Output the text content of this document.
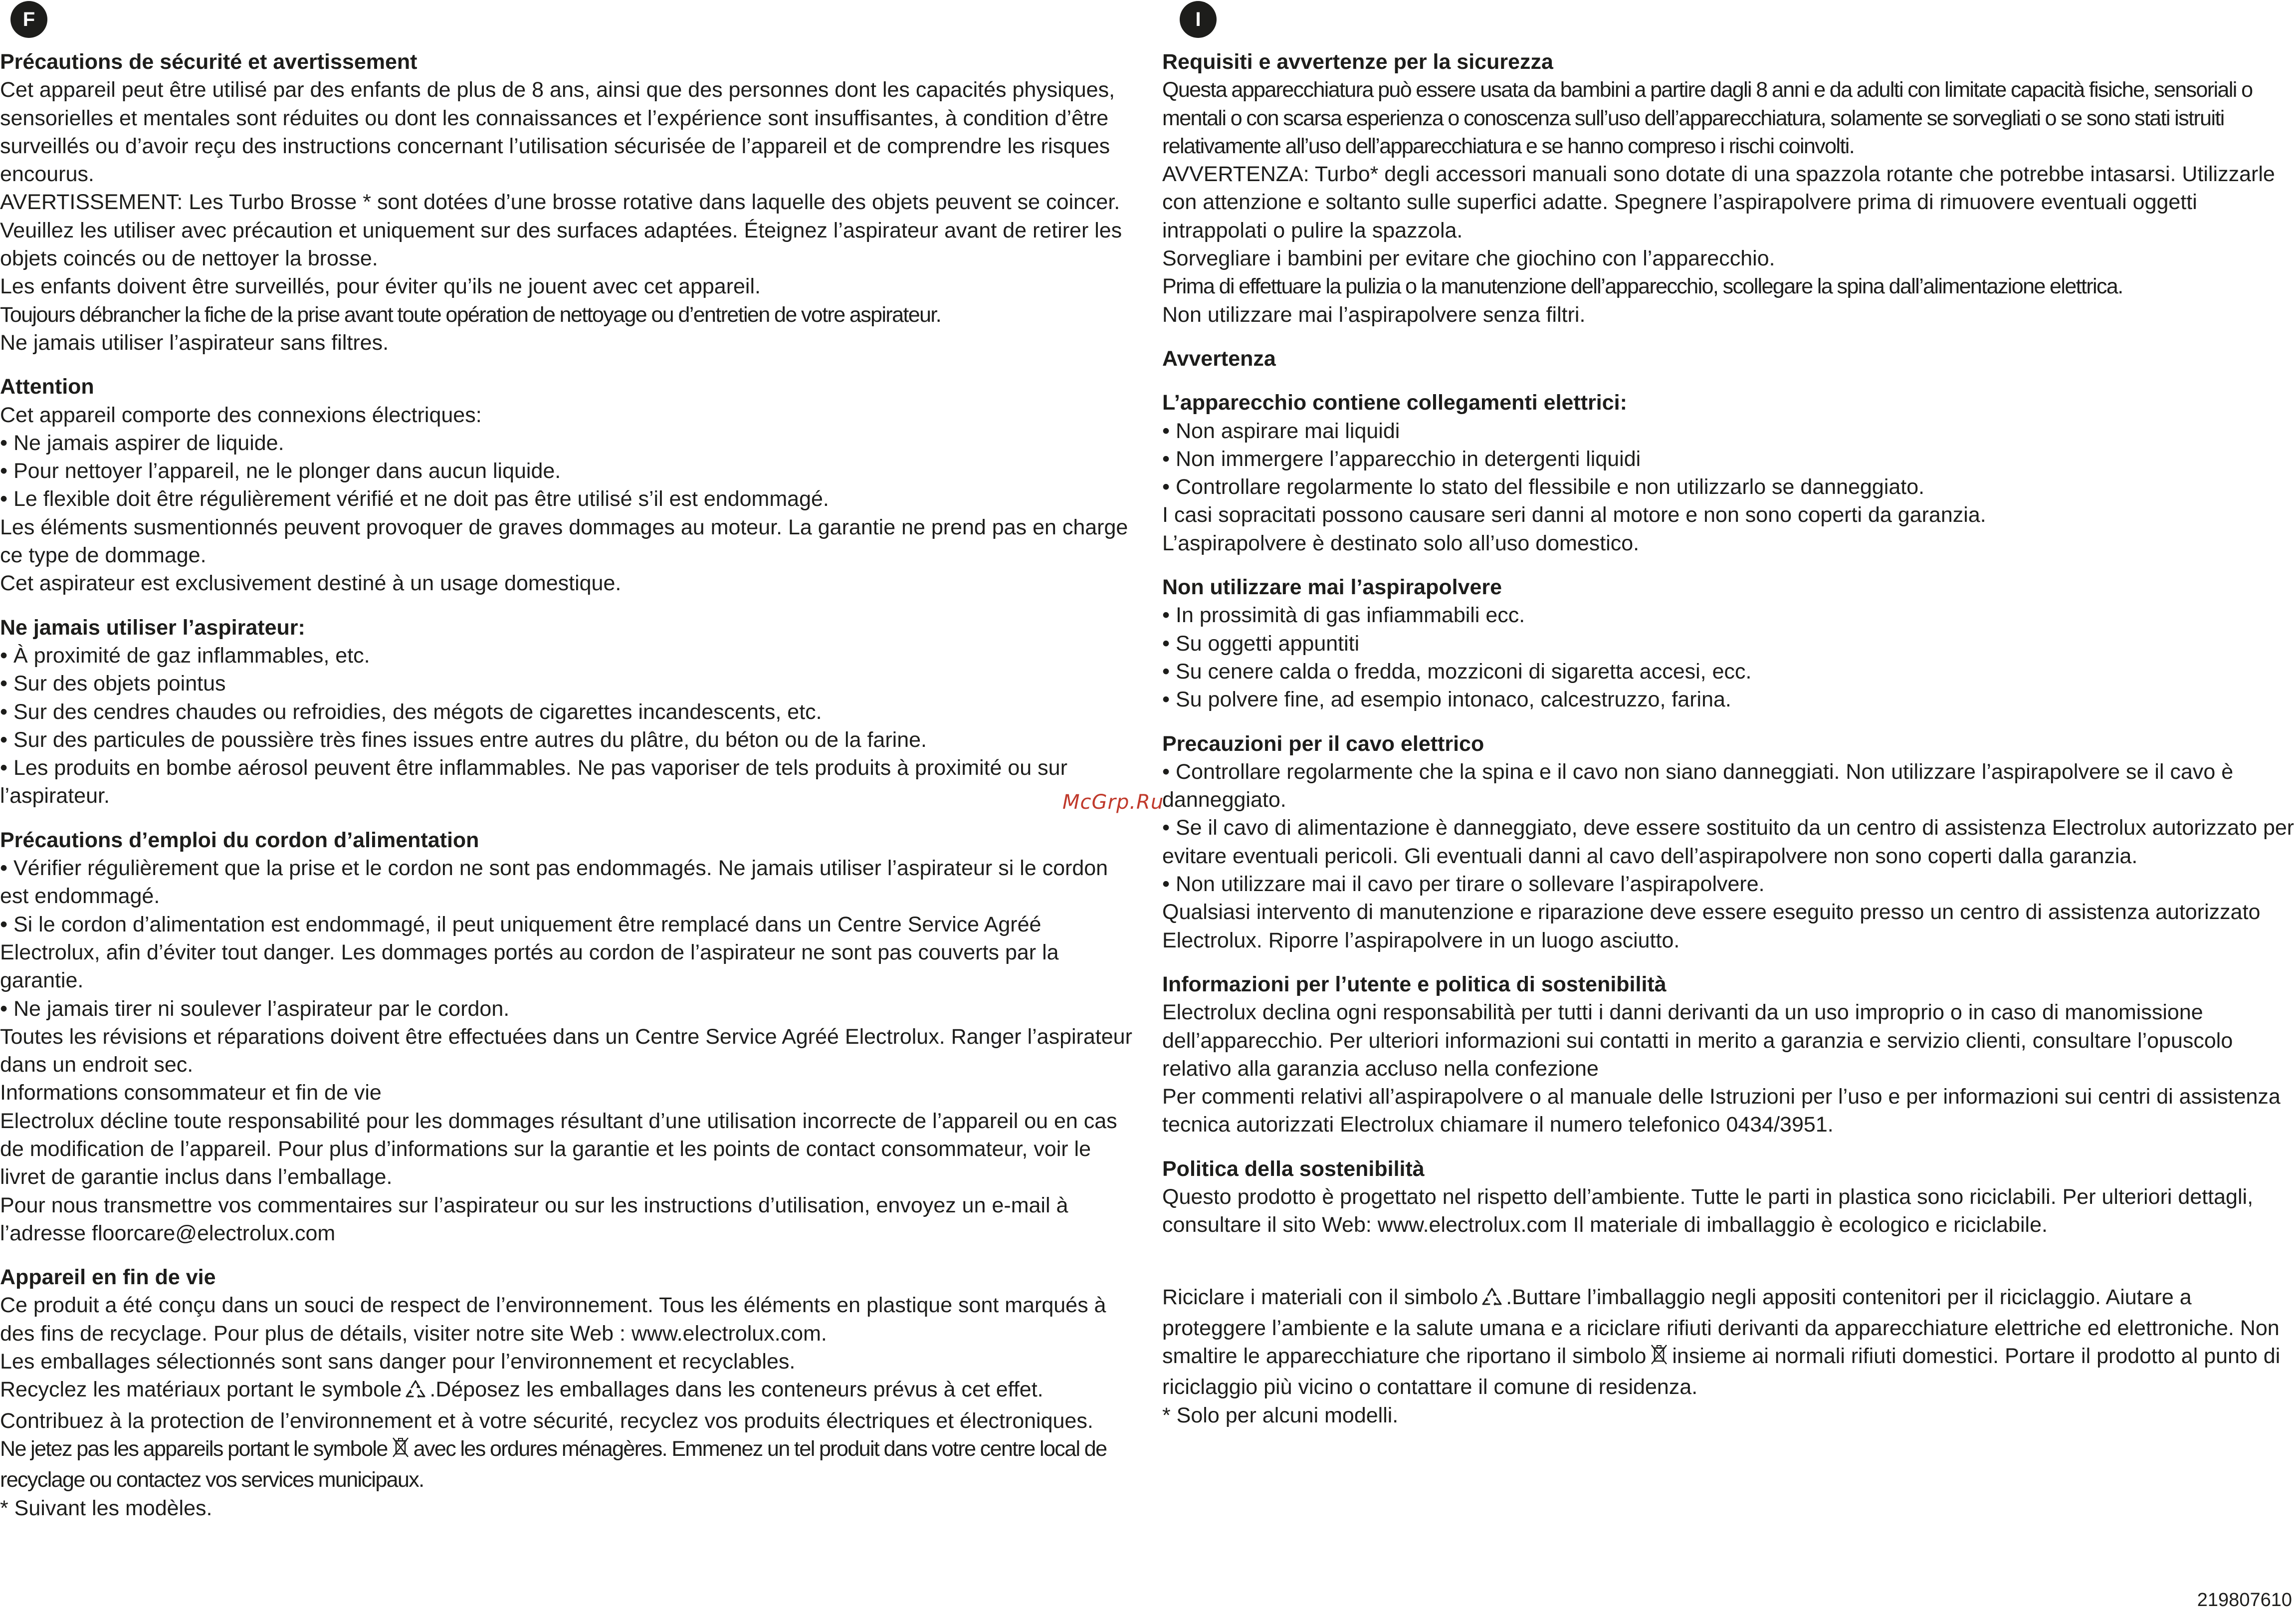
F
Précautions de sécurité et avertissement
Cet appareil peut être utilisé par des enfants de plus de 8 ans, ainsi que des personnes dont les capacités physiques, sensorielles et mentales sont réduites ou dont les connaissances et l’expérience sont insuffisantes, à condition d’être surveillés ou d’avoir reçu des instructions concernant l’utilisation sécurisée de l’appareil et de comprendre les risques encourus.
AVERTISSEMENT: Les Turbo Brosse * sont dotées d’une brosse rotative dans laquelle des objets peuvent se coincer. Veuillez les utiliser avec précaution et uniquement sur des surfaces adaptées. Éteignez l’aspirateur avant de retirer les objets coincés ou de nettoyer la brosse.
Les enfants doivent être surveillés, pour éviter qu’ils ne jouent avec cet appareil.
Toujours débrancher la fiche de la prise avant toute opération de nettoyage ou d’entretien de votre aspirateur.
Ne jamais utiliser l’aspirateur sans filtres.
Attention
Cet appareil comporte des connexions électriques:
• Ne jamais aspirer de liquide.
• Pour nettoyer l’appareil, ne le plonger dans aucun liquide.
• Le flexible doit être régulièrement vérifié et ne doit pas être utilisé s’il est endommagé.
Les éléments susmentionnés peuvent provoquer de graves dommages au moteur. La garantie ne prend pas en charge ce type de dommage.
Cet aspirateur est exclusivement destiné à un usage domestique.
Ne jamais utiliser l’aspirateur:
• À proximité de gaz inflammables, etc.
• Sur des objets pointus
• Sur des cendres chaudes ou refroidies, des mégots de cigarettes incandescents, etc.
• Sur des particules de poussière très fines issues entre autres du plâtre, du béton ou de la farine.
• Les produits en bombe aérosol peuvent être inflammables. Ne pas vaporiser de tels produits à proximité ou sur l’aspirateur.
Précautions d’emploi du cordon d’alimentation
• Vérifier régulièrement que la prise et le cordon ne sont pas endommagés. Ne jamais utiliser l’aspirateur si le cordon est endommagé.
• Si le cordon d’alimentation est endommagé, il peut uniquement être remplacé dans un Centre Service Agréé Electrolux, afin d’éviter tout danger. Les dommages portés au cordon de l’aspirateur ne sont pas couverts par la garantie.
• Ne jamais tirer ni soulever l’aspirateur par le cordon.
Toutes les révisions et réparations doivent être effectuées dans un Centre Service Agréé Electrolux. Ranger l’aspirateur dans un endroit sec.
Informations consommateur et fin de vie
Electrolux décline toute responsabilité pour les dommages résultant d’une utilisation incorrecte de l’appareil ou en cas de modification de l’appareil. Pour plus d’informations sur la garantie et les points de contact consommateur, voir le livret de garantie inclus dans l’emballage.
Pour nous transmettre vos commentaires sur l’aspirateur ou sur les instructions d’utilisation, envoyez un e-mail à l’adresse floorcare@electrolux.com
Appareil en fin de vie
Ce produit a été conçu dans un souci de respect de l’environnement. Tous les éléments en plastique sont marqués à des fins de recyclage. Pour plus de détails, visiter notre site Web : www.electrolux.com.
Les emballages sélectionnés sont sans danger pour l’environnement et recyclables.
Recyclez les matériaux portant le symbole .Déposez les emballages dans les conteneurs prévus à cet effet.
Contribuez à la protection de l’environnement et à votre sécurité, recyclez vos produits électriques et électroniques.
Ne jetez pas les appareils portant le symbole avec les ordures ménagères. Emmenez un tel produit dans votre centre local de recyclage ou contactez vos services municipaux.
* Suivant les modèles.
I
Requisiti e avvertenze per la sicurezza
Questa apparecchiatura può essere usata da bambini a partire dagli 8 anni e da adulti con limitate capacità fisiche, sensoriali o mentali o con scarsa esperienza o conoscenza sull’uso dell’apparecchiatura, solamente se sorvegliati o se sono stati istruiti relativamente all’uso dell’apparecchiatura e se hanno compreso i rischi coinvolti.
AVVERTENZA: Turbo* degli accessori manuali sono dotate di una spazzola rotante che potrebbe intasarsi. Utilizzarle con attenzione e soltanto sulle superfici adatte. Spegnere l’aspirapolvere prima di rimuovere eventuali oggetti intrappolati o pulire la spazzola.
Sorvegliare i bambini per evitare che giochino con l’apparecchio.
Prima di effettuare la pulizia o la manutenzione dell’apparecchio, scollegare la spina dall’alimentazione elettrica.
Non utilizzare mai l’aspirapolvere senza filtri.
Avvertenza
L’apparecchio contiene collegamenti elettrici:
• Non aspirare mai liquidi
• Non immergere l’apparecchio in detergenti liquidi
• Controllare regolarmente lo stato del flessibile e non utilizzarlo se danneggiato.
I casi sopracitati possono causare seri danni al motore e non sono coperti da garanzia.
L’aspirapolvere è destinato solo all’uso domestico.
Non utilizzare mai l’aspirapolvere
• In prossimità di gas infiammabili ecc.
• Su oggetti appuntiti
• Su cenere calda o fredda, mozziconi di sigaretta accesi, ecc.
• Su polvere fine, ad esempio intonaco, calcestruzzo, farina.
Precauzioni per il cavo elettrico
• Controllare regolarmente che la spina e il cavo non siano danneggiati. Non utilizzare l’aspirapolvere se il cavo è danneggiato.
• Se il cavo di alimentazione è danneggiato, deve essere sostituito da un centro di assistenza Electrolux autorizzato per evitare eventuali pericoli. Gli eventuali danni al cavo dell’aspirapolvere non sono coperti dalla garanzia.
• Non utilizzare mai il cavo per tirare o sollevare l’aspirapolvere.
Qualsiasi intervento di manutenzione e riparazione deve essere eseguito presso un centro di assistenza autorizzato Electrolux. Riporre l’aspirapolvere in un luogo asciutto.
Informazioni per l’utente e politica di sostenibilità
Electrolux declina ogni responsabilità per tutti i danni derivanti da un uso improprio o in caso di manomissione dell’apparecchio. Per ulteriori informazioni sui contatti in merito a garanzia e servizio clienti, consultare l’opuscolo relativo alla garanzia accluso nella confezione
Per commenti relativi all’aspirapolvere o al manuale delle Istruzioni per l’uso e per informazioni sui centri di assistenza tecnica autorizzati Electrolux chiamare il numero telefonico 0434/3951.
Politica della sostenibilità
Questo prodotto è progettato nel rispetto dell’ambiente. Tutte le parti in plastica sono riciclabili. Per ulteriori dettagli, consultare il sito Web: www.electrolux.com Il materiale di imballaggio è ecologico e riciclabile.
Riciclare i materiali con il simbolo .Buttare l’imballaggio negli appositi contenitori per il riciclaggio. Aiutare a proteggere l’ambiente e la salute umana e a riciclare rifiuti derivanti da apparecchiature elettriche ed elettroniche. Non smaltire le apparecchiature che riportano il simbolo insieme ai normali rifiuti domestici. Portare il prodotto al punto di riciclaggio più vicino o contattare il comune di residenza.
* Solo per alcuni modelli.
McGrp.Ru
219807610
